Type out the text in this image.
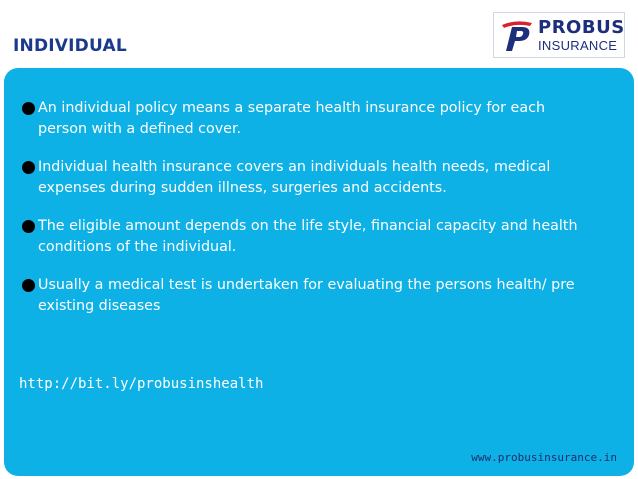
INDIVIDUAL
PROBUS
INSURANCE
An individual policy means a separate health insurance policy for each person with a defined cover.
Individual health insurance covers an individuals health needs, medical expenses during sudden illness, surgeries and accidents.
The eligible amount depends on the life style, financial capacity and health conditions of the individual.
Usually a medical test is undertaken for evaluating the persons health/ pre existing diseases
http://bit.ly/probusinshealth
www.probusinsurance.in
